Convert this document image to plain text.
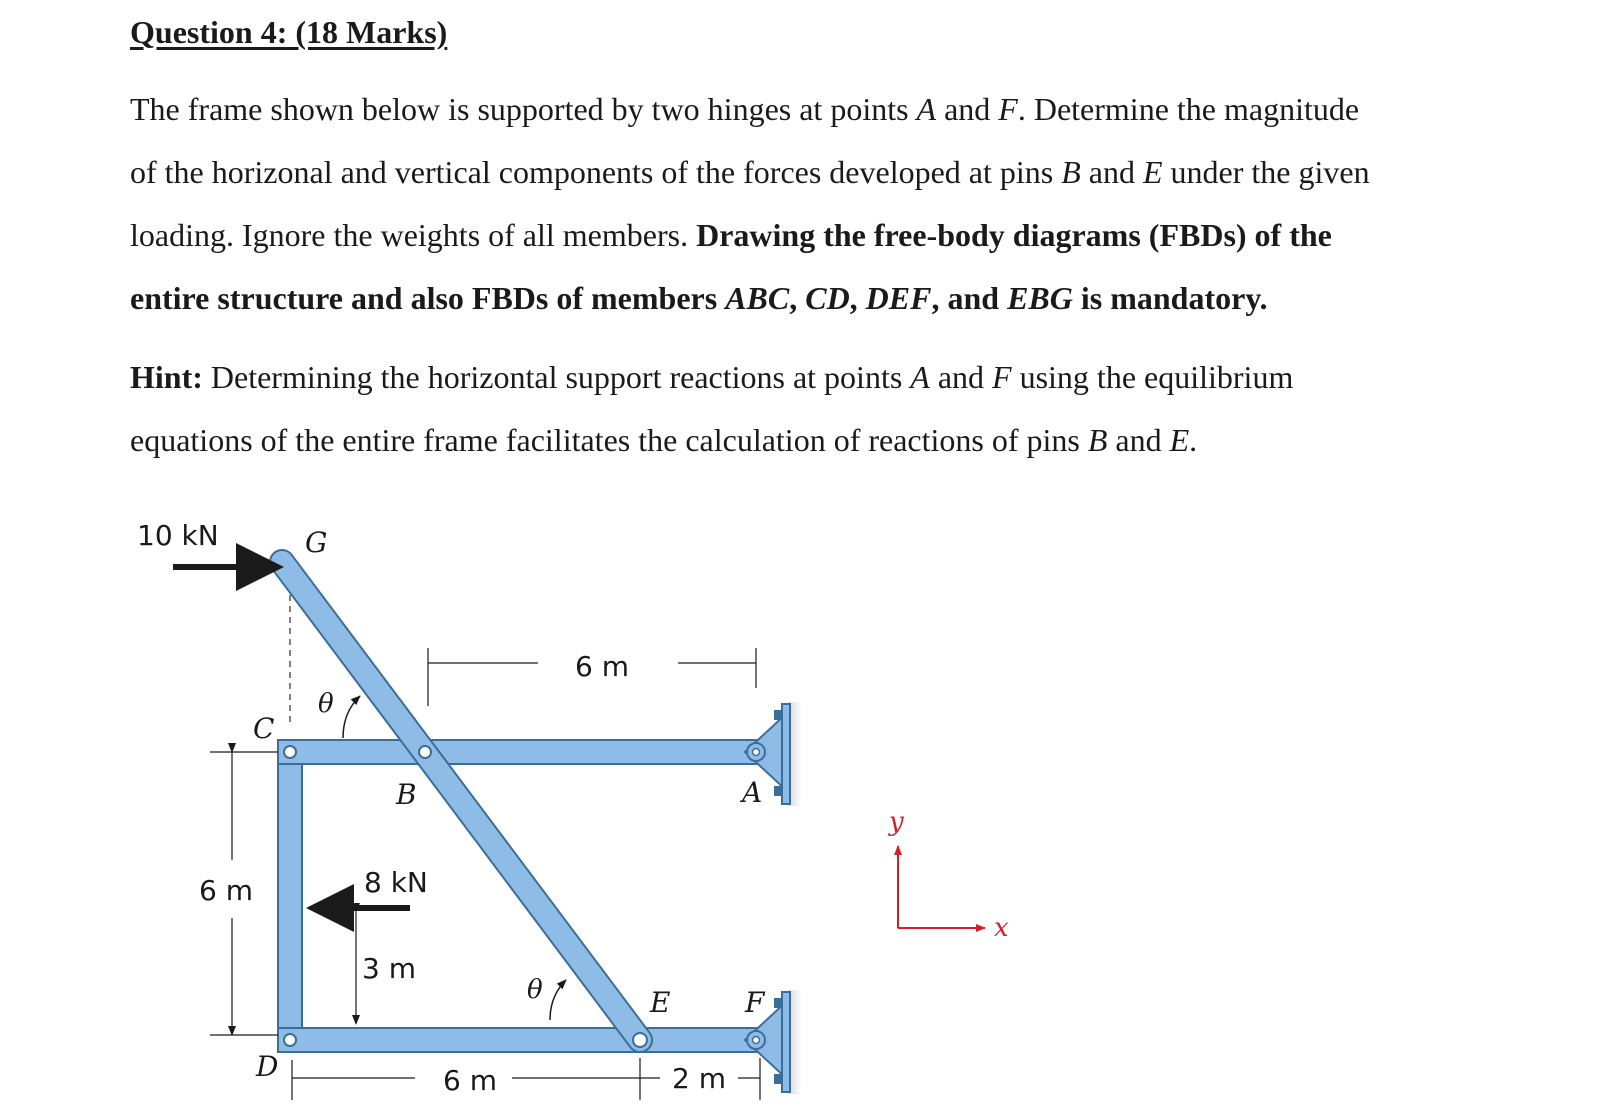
Question 4: (18 Marks)

The frame shown below is supported by two hinges at points A and F. Determine the magnitude

of the horizonal and vertical components of the forces developed at pins B and E under the given

loading. Ignore the weights of all members. Drawing the free-body diagrams (FBDs) of the

entire structure and also FBDs of members ABC, CD, DEF, and EBG is mandatory.

Hint: Determining the horizontal support reactions at points A and F using the equilibrium

equations of the entire frame facilitates the calculation of reactions of pins B and E.

10 kN	G
C
θ
B	A
6 m
6 m	8 kN
3 m
θ	E	F
D	6 m	2 m
y
x
